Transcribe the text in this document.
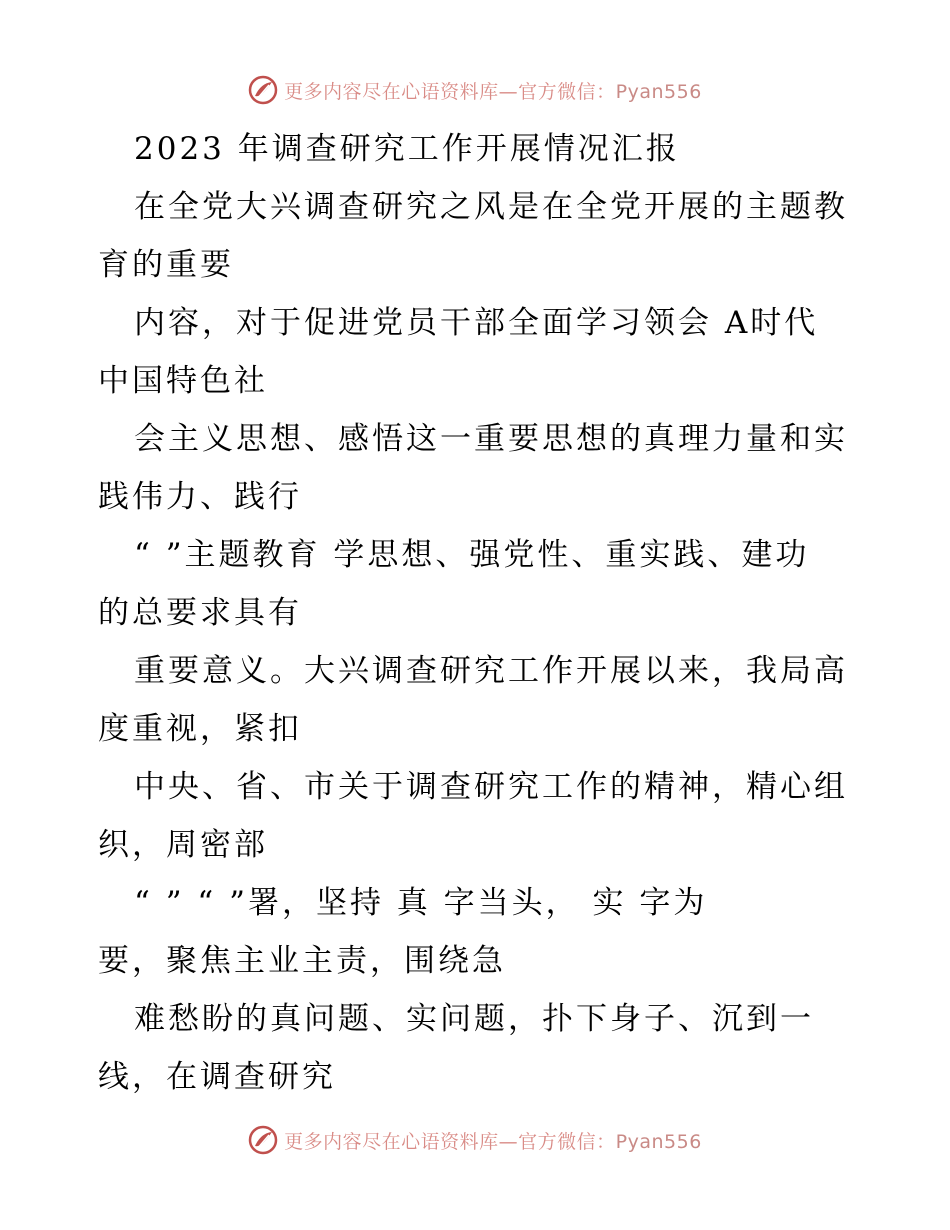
更多内容尽在心语资料库—官方微信：Pyan556
2023 年调查研究工作开展情况汇报
在全党大兴调查研究之风是在全党开展的主题教
育的重要
内容，对于促进党员干部全面学习领会 A时代
中国特色社
会主义思想、感悟这一重要思想的真理力量和实
践伟力、践行
“ ”主题教育 学思想、强党性、重实践、建功
的总要求具有
重要意义。大兴调查研究工作开展以来，我局高
度重视，紧扣
中央、省、市关于调查研究工作的精神，精心组
织，周密部
“ ” “ ”署，坚持 真 字当头， 实 字为
要，聚焦主业主责，围绕急
难愁盼的真问题、实问题，扑下身子、沉到一
线，在调查研究
更多内容尽在心语资料库—官方微信：Pyan556
